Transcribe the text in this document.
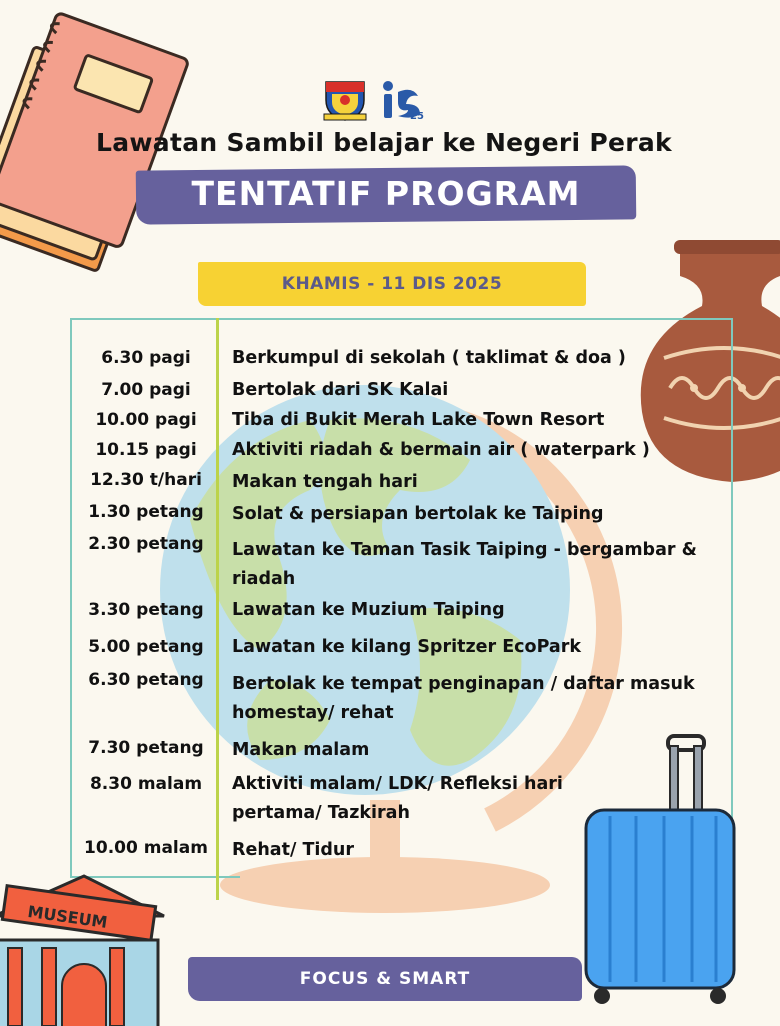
25
Lawatan Sambil belajar ke Negeri Perak
TENTATIF PROGRAM
KHAMIS - 11 DIS 2025
6.30 pagi	Berkumpul di sekolah ( taklimat & doa )
7.00 pagi	Bertolak dari SK Kalai
10.00 pagi	Tiba di Bukit Merah Lake Town Resort
10.15 pagi	Aktiviti riadah & bermain air ( waterpark )
12.30 t/hari	Makan tengah hari
1.30 petang	Solat & persiapan bertolak ke Taiping
2.30 petang	Lawatan ke Taman Tasik Taiping - bergambar & riadah
3.30 petang	Lawatan ke Muzium Taiping
5.00 petang	Lawatan ke kilang Spritzer EcoPark
6.30 petang	Bertolak ke tempat penginapan / daftar masuk homestay/ rehat
7.30 petang	Makan malam
8.30 malam	Aktiviti malam/ LDK/ Refleksi hari pertama/ Tazkirah
10.00 malam	Rehat/ Tidur
MUSEUM
FOCUS & SMART
